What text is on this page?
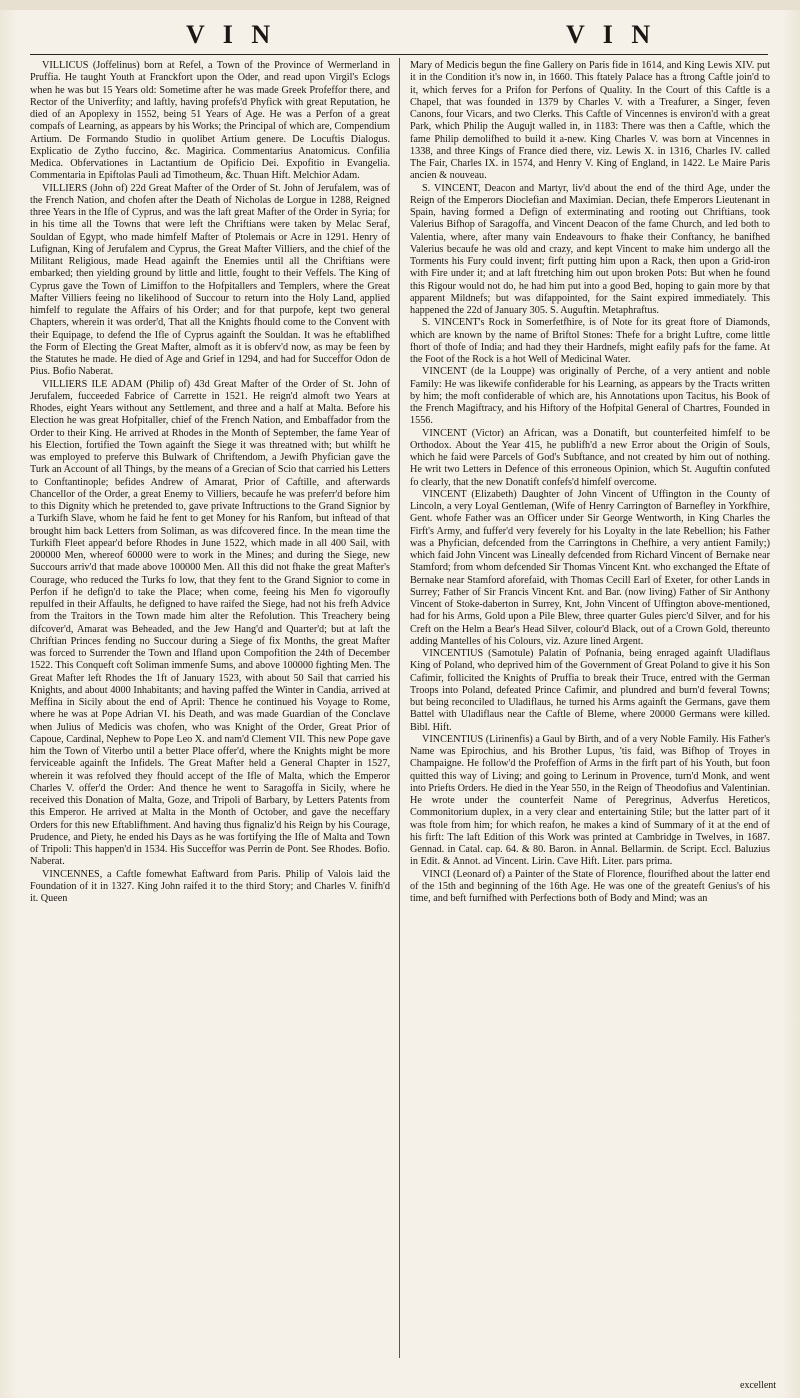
V I N	V I N

VILLICUS (Joffelinus) born at Refel, a Town of the Province of Wermerland in Pruffia. He taught Youth at Franckfort upon the Oder, and read upon Virgil's Eclogs when he was but 15 Years old: Sometime after he was made Greek Profeffor there, and Rector of the Univerfity; and laftly, having profefs'd Phyfick with great Reputation, he died of an Apoplexy in 1552, being 51 Years of Age. He was a Perfon of a great compafs of Learning, as appears by his Works; the Principal of which are, Compendium Artium. De Formando Studio in quolibet Artium genere. De Locuftis Dialogus. Explicatio de Zytho fuccino, &c. Magirica. Commentarius Anatomicus. Confilia Medica. Obfervationes in Lactantium de Opificio Dei. Expofitio in Evangelia. Commentaria in Epiftolas Pauli ad Timotheum, &c. Thuan Hift. Melchior Adam.

VILLIERS (John of) 22d Great Mafter of the Order of St. John of Jerufalem, was of the French Nation, and chofen after the Death of Nicholas de Lorgue in 1288, Reigned three Years in the Ifle of Cyprus, and was the laft great Mafter of the Order in Syria; for in his time all the Towns that were left the Chriftians were taken by Melac Seraf, Souldan of Egypt, who made himfelf Mafter of Ptolemais or Acre in 1291. Henry of Lufignan, King of Jerufalem and Cyprus, the Great Mafter Villiers, and the chief of the Militant Religious, made Head againft the Enemies until all the Chriftians were embarked; then yielding ground by little and little, fought to their Veffels. The King of Cyprus gave the Town of Limiffon to the Hofpitallers and Templers, where the Great Mafter Villiers feeing no likelihood of Succour to return into the Holy Land, applied himfelf to regulate the Affairs of his Order; and for that purpofe, kept two general Chapters, wherein it was order'd, That all the Knights fhould come to the Convent with their Equipage, to defend the Ifle of Cyprus againft the Souldan. It was he eftablifhed the Form of Electing the Great Mafter, almoft as it is obferv'd now, as may be feen by the Statutes he made. He died of Age and Grief in 1294, and had for Succeffor Odon de Pius. Bofio Naberat.

VILLIERS ILE ADAM (Philip of) 43d Great Mafter of the Order of St. John of Jerufalem, fucceeded Fabrice of Carrette in 1521. He reign'd almoft two Years at Rhodes, eight Years without any Settlement, and three and a half at Malta. Before his Election he was great Hofpitaller, chief of the French Nation, and Embaffador from the Order to their King. He arrived at Rhodes in the Month of September, the fame Year of his Election, fortified the Town againft the Siege it was threatned with; but whilft he was employed to preferve this Bulwark of Chriftendom, a Jewifh Phyfician gave the Turk an Account of all Things, by the means of a Grecian of Scio that carried his Letters to Conftantinople; befides Andrew of Amarat, Prior of Caftille, and afterwards Chancellor of the Order, a great Enemy to Villiers, becaufe he was preferr'd before him to this Dignity which he pretended to, gave private Inftructions to the Grand Signior by a Turkifh Slave, whom he faid he fent to get Money for his Ranfom, but inftead of that brought him back Letters from Soliman, as was difcovered fince. In the mean time the Turkifh Fleet appear'd before Rhodes in June 1522, which made in all 400 Sail, with 200000 Men, whereof 60000 were to work in the Mines; and during the Siege, new Succours arriv'd that made above 100000 Men. All this did not fhake the great Mafter's Courage, who reduced the Turks fo low, that they fent to the Grand Signior to come in Perfon if he defign'd to take the Place; when come, feeing his Men fo vigoroufly repulfed in their Affaults, he defigned to have raifed the Siege, had not his frefh Advice from the Traitors in the Town made him alter the Refolution. This Treachery being difcover'd, Amarat was Beheaded, and the Jew Hang'd and Quarter'd; but at laft the Chriftian Princes fending no Succour during a Siege of fix Months, the great Mafter was forced to Surrender the Town and Ifland upon Compofition the 24th of December 1522. This Conqueft coft Soliman immenfe Sums, and above 100000 fighting Men. The Great Mafter left Rhodes the 1ft of January 1523, with about 50 Sail that carried his Knights, and about 4000 Inhabitants; and having paffed the Winter in Candia, arrived at Meffina in Sicily about the end of April: Thence he continued his Voyage to Rome, where he was at Pope Adrian VI. his Death, and was made Guardian of the Conclave when Julius of Medicis was chofen, who was Knight of the Order, Great Prior of Capoue, Cardinal, Nephew to Pope Leo X. and nam'd Clement VII. This new Pope gave him the Town of Viterbo until a better Place offer'd, where the Knights might be more ferviceable againft the Infidels. The Great Mafter held a General Chapter in 1527, wherein it was refolved they fhould accept of the Ifle of Malta, which the Emperor Charles V. offer'd the Order: And thence he went to Saragoffa in Sicily, where he received this Donation of Malta, Goze, and Tripoli of Barbary, by Letters Patents from this Emperor. He arrived at Malta in the Month of October, and gave the neceffary Orders for this new Eftablifhment. And having thus fignaliz'd his Reign by his Courage, Prudence, and Piety, he ended his Days as he was fortifying the Ifle of Malta and Town of Tripoli: This happen'd in 1534. His Succeffor was Perrin de Pont. See Rhodes. Bofio. Naberat.

VINCENNES, a Caftle fomewhat Eaftward from Paris. Philip of Valois laid the Foundation of it in 1327. King John raifed it to the third Story; and Charles V. finifh'd it. Queen

Mary of Medicis begun the fine Gallery on Paris fide in 1614, and King Lewis XIV. put it in the Condition it's now in, in 1660. This ftately Palace has a ftrong Caftle join'd to it, which ferves for a Prifon for Perfons of Quality. In the Court of this Caftle is a Chapel, that was founded in 1379 by Charles V. with a Treafurer, a Singer, feven Canons, four Vicars, and two Clerks. This Caftle of Vincennes is environ'd with a great Park, which Philip the Augujt walled in, in 1183: There was then a Caftle, which the fame Philip demolifhed to build it a-new. King Charles V. was born at Vincennes in 1338, and three Kings of France died there, viz. Lewis X. in 1316, Charles IV. called The Fair, Charles IX. in 1574, and Henry V. King of England, in 1422. Le Maire Paris ancien & nouveau.

S. VINCENT, Deacon and Martyr, liv'd about the end of the third Age, under the Reign of the Emperors Dioclefian and Maximian. Decian, thefe Emperors Lieutenant in Spain, having formed a Defign of exterminating and rooting out Chriftians, took Valerius Bifhop of Saragoffa, and Vincent Deacon of the fame Church, and led both to Valentia, where, after many vain Endeavours to fhake their Conftancy, he banifhed Valerius becaufe he was old and crazy, and kept Vincent to make him undergo all the Torments his Fury could invent; firft putting him upon a Rack, then upon a Grid-iron with Fire under it; and at laft ftretching him out upon broken Pots: But when he found this Rigour would not do, he had him put into a good Bed, hoping to gain more by that apparent Mildnefs; but was difappointed, for the Saint expired immediately. This happened the 22d of January 305. S. Auguftin. Metaphraftus.

S. VINCENT's Rock in Somerfetfhire, is of Note for its great ftore of Diamonds, which are known by the name of Briftol Stones: Thefe for a bright Luftre, come little fhort of thofe of India; and had they their Hardnefs, might eafily pafs for the fame. At the Foot of the Rock is a hot Well of Medicinal Water.

VINCENT (de la Louppe) was originally of Perche, of a very antient and noble Family: He was likewife confiderable for his Learning, as appears by the Tracts written by him; the moft confiderable of which are, his Annotations upon Tacitus, his Book of the French Magiftracy, and his Hiftory of the Hofpital General of Chartres, Founded in 1556.

VINCENT (Victor) an African, was a Donatift, but counterfeited himfelf to be Orthodox. About the Year 415, he publifh'd a new Error about the Origin of Souls, which he faid were Parcels of God's Subftance, and not created by him out of nothing. He writ two Letters in Defence of this erroneous Opinion, which St. Auguftin confuted fo clearly, that the new Donatift confefs'd himfelf overcome.

VINCENT (Elizabeth) Daughter of John Vincent of Uffington in the County of Lincoln, a very Loyal Gentleman, (Wife of Henry Carrington of Barnefley in Yorkfhire, Gent. whofe Father was an Officer under Sir George Wentworth, in King Charles the Firft's Army, and fuffer'd very feverely for his Loyalty in the late Rebellion; his Father was a Phyfician, defcended from the Carringtons in Chefhire, a very antient Family;) which faid John Vincent was Lineally defcended from Richard Vincent of Bernake near Stamford; from whom defcended Sir Thomas Vincent Knt. who exchanged the Eftate of Bernake near Stamford aforefaid, with Thomas Cecill Earl of Exeter, for other Lands in Surrey; Father of Sir Francis Vincent Knt. and Bar. (now living) Father of Sir Anthony Vincent of Stoke-daberton in Surrey, Knt, John Vincent of Uffington above-mentioned, had for his Arms, Gold upon a Pile Blew, three quarter Gules pierc'd Silver, and for his Creft on the Helm a Bear's Head Silver, colour'd Black, out of a Crown Gold, thereunto adding Mantelles of his Colours, viz. Azure lined Argent.

VINCENTIUS (Samotule) Palatin of Pofnania, being enraged againft Uladiflaus King of Poland, who deprived him of the Government of Great Poland to give it his Son Cafimir, follicited the Knights of Pruffia to break their Truce, entred with the German Troops into Poland, defeated Prince Cafimir, and plundred and burn'd feveral Towns; but being reconciled to Uladiflaus, he turned his Arms againft the Germans, gave them Battel with Uladiflaus near the Caftle of Bleme, where 20000 Germans were killed. Bibl. Hift.

VINCENTIUS (Lirinenfis) a Gaul by Birth, and of a very Noble Family. His Father's Name was Epirochius, and his Brother Lupus, 'tis faid, was Bifhop of Troyes in Champaigne. He follow'd the Profeffion of Arms in the firft part of his Youth, but foon quitted this way of Living; and going to Lerinum in Provence, turn'd Monk, and went into Priefts Orders. He died in the Year 550, in the Reign of Theodofius and Valentinian. He wrote under the counterfeit Name of Peregrinus, Adverfus Hereticos, Commonitorium duplex, in a very clear and entertaining Stile; but the latter part of it was ftole from him; for which reafon, he makes a kind of Summary of it at the end of his firft: The laft Edition of this Work was printed at Cambridge in Twelves, in 1687. Gennad. in Catal. cap. 64. & 80. Baron. in Annal. Bellarmin. de Script. Eccl. Baluzius in Edit. & Annot. ad Vincent. Lirin. Cave Hift. Liter. pars prima.

VINCI (Leonard of) a Painter of the State of Florence, flourifhed about the latter end of the 15th and beginning of the 16th Age. He was one of the greateft Genius's of his time, and beft furnifhed with Perfections both of Body and Mind; was an

excellent
